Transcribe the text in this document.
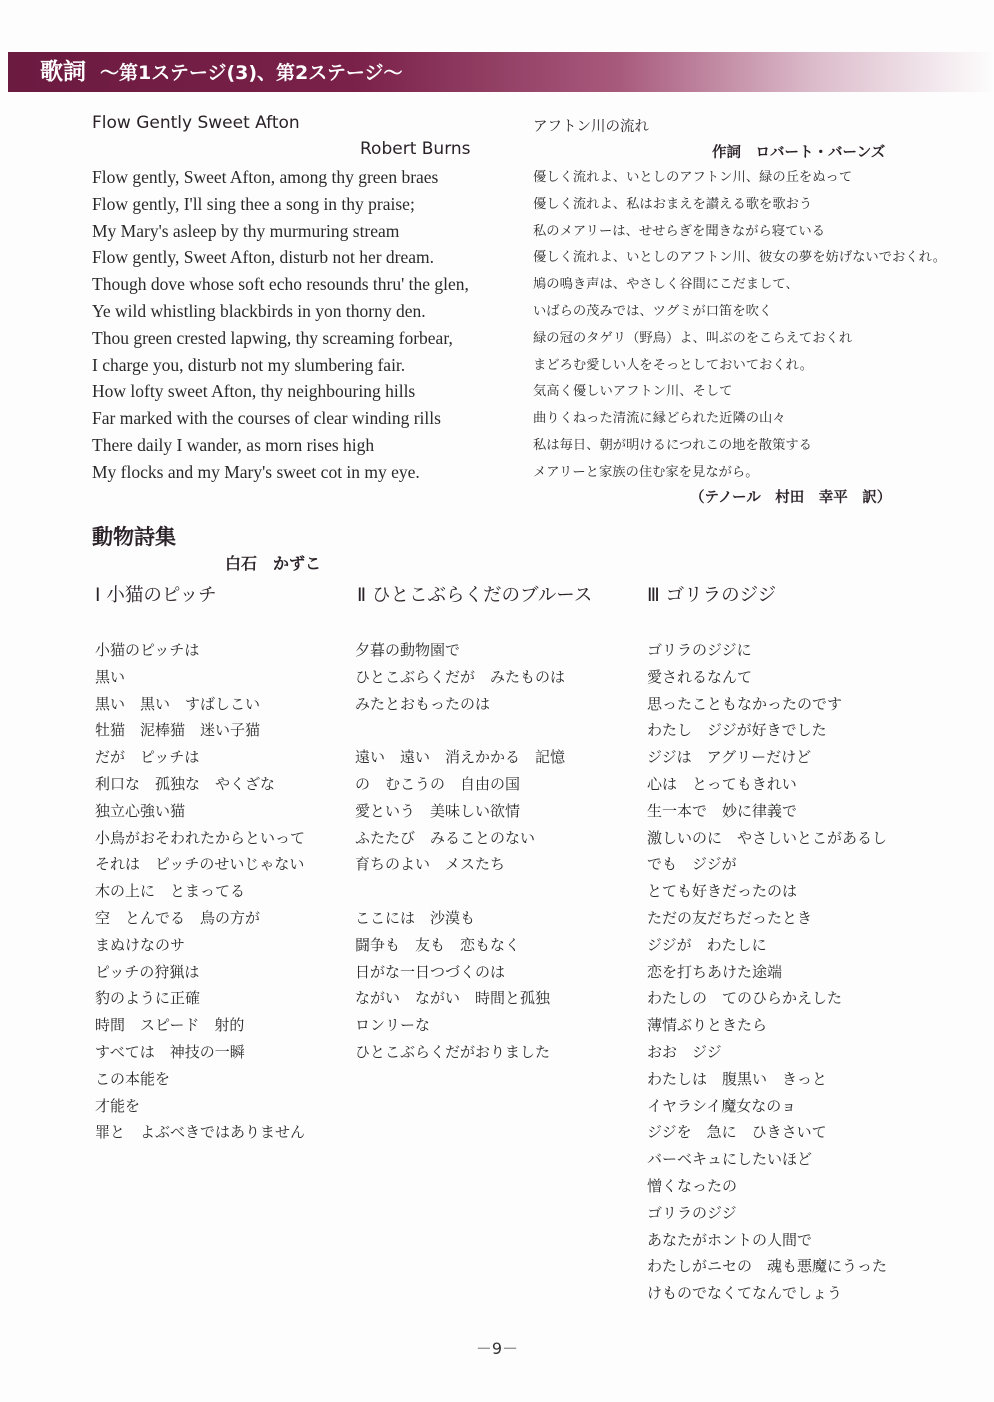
歌詞 ～第1ステージ(3)、第2ステージ～
Flow Gently Sweet Afton
Robert Burns
Flow gently, Sweet Afton, among thy green braes
Flow gently, I'll sing thee a song in thy praise;
My Mary's asleep by thy murmuring stream
Flow gently, Sweet Afton, disturb not her dream.
Though dove whose soft echo resounds thru' the glen,
Ye wild whistling blackbirds in yon thorny den.
Thou green crested lapwing, thy screaming forbear,
I charge you, disturb not my slumbering fair.
How lofty sweet Afton, thy neighbouring hills
Far marked with the courses of clear winding rills
There daily I wander, as morn rises high
My flocks and my Mary's sweet cot in my eye.
アフトン川の流れ
作詞　ロバート・バーンズ
優しく流れよ、いとしのアフトン川、緑の丘をぬって
優しく流れよ、私はおまえを讃える歌を歌おう
私のメアリーは、せせらぎを聞きながら寝ている
優しく流れよ、いとしのアフトン川、彼女の夢を妨げないでおくれ。
鳩の鳴き声は、やさしく谷間にこだまして、
いばらの茂みでは、ツグミが口笛を吹く
緑の冠のタゲリ（野鳥）よ、叫ぶのをこらえておくれ
まどろむ愛しい人をそっとしておいておくれ。
気高く優しいアフトン川、そして
曲りくねった清流に縁どられた近隣の山々
私は毎日、朝が明けるにつれこの地を散策する
メアリーと家族の住む家を見ながら。
（テノール　村田　幸平　訳）
動物詩集
白石　かずこ
Ⅰ 小猫のピッチ	Ⅱ ひとこぶらくだのブルース	Ⅲ ゴリラのジジ
小猫のピッチは
黒い
黒い　黒い　すばしこい
牡猫　泥棒猫　迷い子猫
だが　ピッチは
利口な　孤独な　やくざな
独立心強い猫
小鳥がおそわれたからといって
それは　ピッチのせいじゃない
木の上に　とまってる
空　とんでる　鳥の方が
まぬけなのサ
ピッチの狩猟は
豹のように正確
時間　スピード　射的
すべては　神技の一瞬
この本能を
才能を
罪と　よぶべきではありません
夕暮の動物園で
ひとこぶらくだが　みたものは
みたとおもったのは
遠い　遠い　消えかかる　記憶
の　むこうの　自由の国
愛という　美味しい欲情
ふたたび　みることのない
育ちのよい　メスたち
ここには　沙漠も
闘争も　友も　恋もなく
日がな一日つづくのは
ながい　ながい　時間と孤独
ロンリーな
ひとこぶらくだがおりました
ゴリラのジジに
愛されるなんて
思ったこともなかったのです
わたし　ジジが好きでした
ジジは　アグリーだけど
心は　とってもきれい
生一本で　妙に律義で
激しいのに　やさしいとこがあるし
でも　ジジが
とても好きだったのは
ただの友だちだったとき
ジジが　わたしに
恋を打ちあけた途端
わたしの　てのひらかえした
薄情ぶりときたら
おお　ジジ
わたしは　腹黒い　きっと
イヤラシイ魔女なのョ
ジジを　急に　ひきさいて
バーベキュにしたいほど
憎くなったの
ゴリラのジジ
あなたがホントの人間で
わたしがニセの　魂も悪魔にうった
けものでなくてなんでしょう
－9－
